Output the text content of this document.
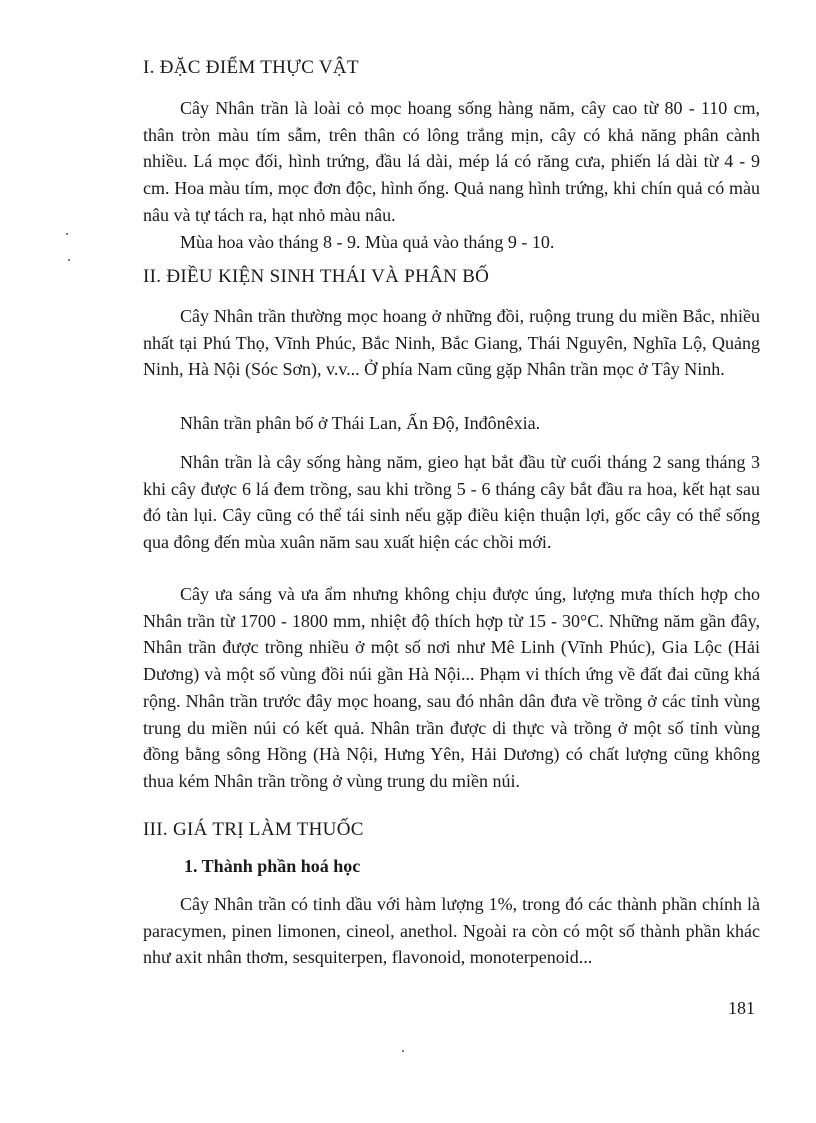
I. ĐẶC ĐIỂM THỰC VẬT

Cây Nhân trần là loài cỏ mọc hoang sống hàng năm, cây cao từ 80 - 110 cm, thân tròn màu tím sẫm, trên thân có lông trắng mịn, cây có khả năng phân cành nhiều. Lá mọc đối, hình trứng, đầu lá dài, mép lá có răng cưa, phiến lá dài từ 4 - 9 cm. Hoa màu tím, mọc đơn độc, hình ống. Quả nang hình trứng, khi chín quả có màu nâu và tự tách ra, hạt nhỏ màu nâu.

Mùa hoa vào tháng 8 - 9. Mùa quả vào tháng 9 - 10.

II. ĐIỀU KIỆN SINH THÁI VÀ PHÂN BỐ

Cây Nhân trần thường mọc hoang ở những đồi, ruộng trung du miền Bắc, nhiều nhất tại Phú Thọ, Vĩnh Phúc, Bắc Ninh, Bắc Giang, Thái Nguyên, Nghĩa Lộ, Quảng Ninh, Hà Nội (Sóc Sơn), v.v... Ở phía Nam cũng gặp Nhân trần mọc ở Tây Ninh.

Nhân trần phân bố ở Thái Lan, Ấn Độ, Inđônêxia.

Nhân trần là cây sống hàng năm, gieo hạt bắt đầu từ cuối tháng 2 sang tháng 3 khi cây được 6 lá đem trồng, sau khi trồng 5 - 6 tháng cây bắt đầu ra hoa, kết hạt sau đó tàn lụi. Cây cũng có thể tái sinh nếu gặp điều kiện thuận lợi, gốc cây có thể sống qua đông đến mùa xuân năm sau xuất hiện các chồi mới.

Cây ưa sáng và ưa ẩm nhưng không chịu được úng, lượng mưa thích hợp cho Nhân trần từ 1700 - 1800 mm, nhiệt độ thích hợp từ 15 - 30°C. Những năm gần đây, Nhân trần được trồng nhiều ở một số nơi như Mê Linh (Vĩnh Phúc), Gia Lộc (Hải Dương) và một số vùng đồi núi gần Hà Nội... Phạm vi thích ứng về đất đai cũng khá rộng. Nhân trần trước đây mọc hoang, sau đó nhân dân đưa về trồng ở các tỉnh vùng trung du miền núi có kết quả. Nhân trần được di thực và trồng ở một số tỉnh vùng đồng bằng sông Hồng (Hà Nội, Hưng Yên, Hải Dương) có chất lượng cũng không thua kém Nhân trần trồng ở vùng trung du miền núi.

III. GIÁ TRỊ LÀM THUỐC
1. Thành phần hoá học

Cây Nhân trần có tinh dầu với hàm lượng 1%, trong đó các thành phần chính là paracymen, pinen limonen, cineol, anethol. Ngoài ra còn có một số thành phần khác như axit nhân thơm, sesquiterpen, flavonoid, monoterpenoid...

181
